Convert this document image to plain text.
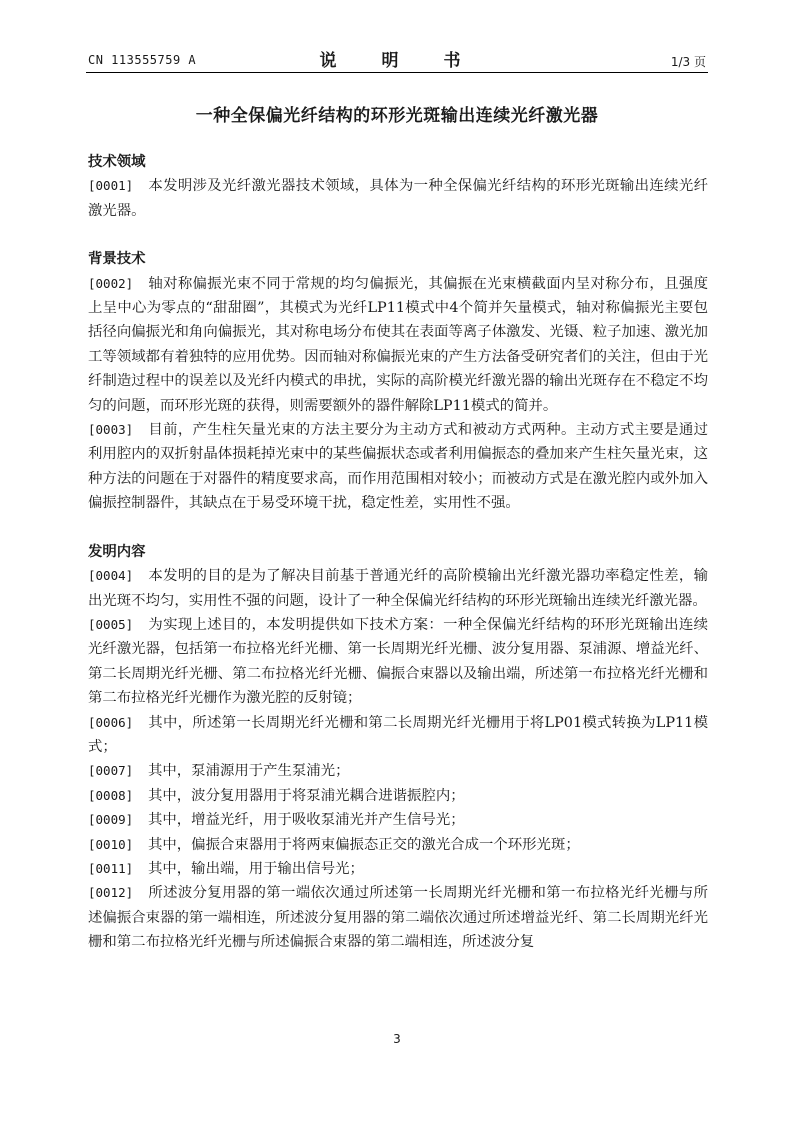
CN 113555759 A	说　明　书	1/3 页
一种全保偏光纤结构的环形光斑输出连续光纤激光器
技术领域
[0001] 本发明涉及光纤激光器技术领域，具体为一种全保偏光纤结构的环形光斑输出连续光纤激光器。
背景技术
[0002] 轴对称偏振光束不同于常规的均匀偏振光，其偏振在光束横截面内呈对称分布，且强度上呈中心为零点的“甜甜圈”，其模式为光纤LP11模式中4个简并矢量模式，轴对称偏振光主要包括径向偏振光和角向偏振光，其对称电场分布使其在表面等离子体激发、光镊、粒子加速、激光加工等领域都有着独特的应用优势。因而轴对称偏振光束的产生方法备受研究者们的关注，但由于光纤制造过程中的误差以及光纤内模式的串扰，实际的高阶模光纤激光器的输出光斑存在不稳定不均匀的问题，而环形光斑的获得，则需要额外的器件解除LP11模式的简并。
[0003] 目前，产生柱矢量光束的方法主要分为主动方式和被动方式两种。主动方式主要是通过利用腔内的双折射晶体损耗掉光束中的某些偏振状态或者利用偏振态的叠加来产生柱矢量光束，这种方法的问题在于对器件的精度要求高，而作用范围相对较小；而被动方式是在激光腔内或外加入偏振控制器件，其缺点在于易受环境干扰，稳定性差，实用性不强。
发明内容
[0004] 本发明的目的是为了解决目前基于普通光纤的高阶模输出光纤激光器功率稳定性差，输出光斑不均匀，实用性不强的问题，设计了一种全保偏光纤结构的环形光斑输出连续光纤激光器。
[0005] 为实现上述目的，本发明提供如下技术方案：一种全保偏光纤结构的环形光斑输出连续光纤激光器，包括第一布拉格光纤光栅、第一长周期光纤光栅、波分复用器、泵浦源、增益光纤、第二长周期光纤光栅、第二布拉格光纤光栅、偏振合束器以及输出端，所述第一布拉格光纤光栅和第二布拉格光纤光栅作为激光腔的反射镜；
[0006] 其中，所述第一长周期光纤光栅和第二长周期光纤光栅用于将LP01模式转换为LP11模式；
[0007] 其中，泵浦源用于产生泵浦光；
[0008] 其中，波分复用器用于将泵浦光耦合进谐振腔内；
[0009] 其中，增益光纤，用于吸收泵浦光并产生信号光；
[0010] 其中，偏振合束器用于将两束偏振态正交的激光合成一个环形光斑；
[0011] 其中，输出端，用于输出信号光；
[0012] 所述波分复用器的第一端依次通过所述第一长周期光纤光栅和第一布拉格光纤光栅与所述偏振合束器的第一端相连，所述波分复用器的第二端依次通过所述增益光纤、第二长周期光纤光栅和第二布拉格光纤光栅与所述偏振合束器的第二端相连，所述波分复
3
